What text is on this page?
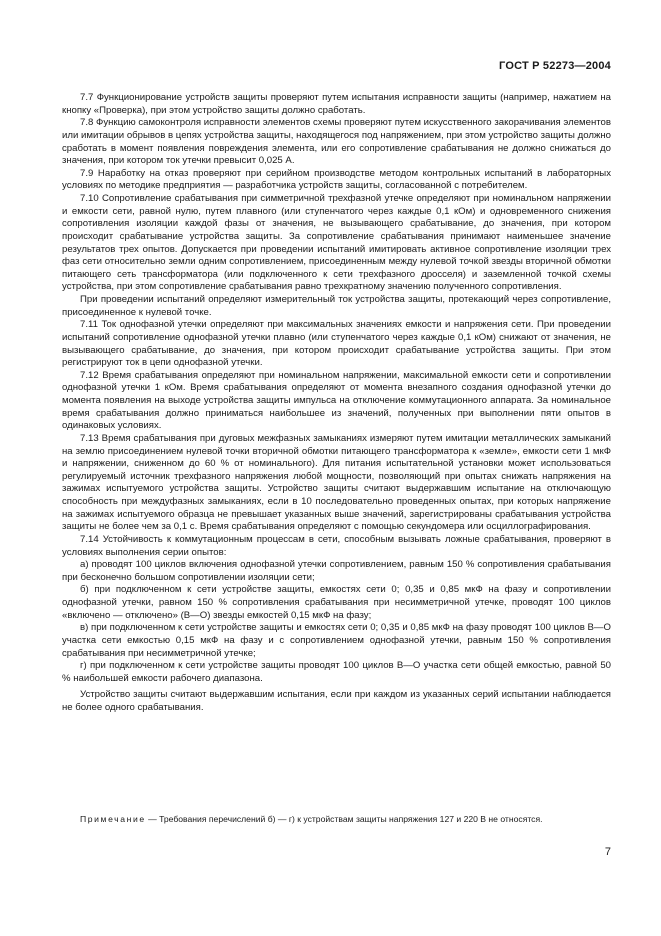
ГОСТ Р 52273—2004

7.7 Функционирование устройств защиты проверяют путем испытания исправности защиты (например, нажатием на кнопку «Проверка), при этом устройство защиты должно сработать.

7.8 Функцию самоконтроля исправности элементов схемы проверяют путем искусственного закорачивания элементов или имитации обрывов в цепях устройства защиты, находящегося под напряжением, при этом устройство защиты должно сработать в момент появления повреждения элемента, или его сопротивление срабатывания не должно снижаться до значения, при котором ток утечки превысит 0,025 А.

7.9 Наработку на отказ проверяют при серийном производстве методом контрольных испытаний в лабораторных условиях по методике предприятия — разработчика устройств защиты, согласованной с потребителем.

7.10 Сопротивление срабатывания при симметричной трехфазной утечке определяют при номинальном напряжении и емкости сети, равной нулю, путем плавного (или ступенчатого через каждые 0,1 кОм) и одновременного снижения сопротивления изоляции каждой фазы от значения, не вызывающего срабатывание, до значения, при котором происходит срабатывание устройства защиты. За сопротивление срабатывания принимают наименьшее значение результатов трех опытов. Допускается при проведении испытаний имитировать активное сопротивление изоляции трех фаз сети относительно земли одним сопротивлением, присоединенным между нулевой точкой звезды вторичной обмотки питающего сеть трансформатора (или подключенного к сети трехфазного дросселя) и заземленной точкой схемы устройства, при этом сопротивление срабатывания равно трехкратному значению полученного сопротивления.

При проведении испытаний определяют измерительный ток устройства защиты, протекающий через сопротивление, присоединенное к нулевой точке.

7.11 Ток однофазной утечки определяют при максимальных значениях емкости и напряжения сети. При проведении испытаний сопротивление однофазной утечки плавно (или ступенчатого через каждые 0,1 кОм) снижают от значения, не вызывающего срабатывание, до значения, при котором происходит срабатывание устройства защиты. При этом регистрируют ток в цепи однофазной утечки.

7.12 Время срабатывания определяют при номинальном напряжении, максимальной емкости сети и сопротивлении однофазной утечки 1 кОм. Время срабатывания определяют от момента внезапного создания однофазной утечки до момента появления на выходе устройства защиты импульса на отключение коммутационного аппарата. За номинальное время срабатывания должно приниматься наибольшее из значений, полученных при выполнении пяти опытов в одинаковых условиях.

7.13 Время срабатывания при дуговых межфазных замыканиях измеряют путем имитации металлических замыканий на землю присоединением нулевой точки вторичной обмотки питающего трансформатора к «земле», емкости сети 1 мкФ и напряжении, сниженном до 60 % от номинального). Для питания испытательной установки может использоваться регулируемый источник трехфазного напряжения любой мощности, позволяющий при опытах снижать напряжения на зажимах испытуемого устройства защиты. Устройство защиты считают выдержавшим испытание на отключающую способность при междуфазных замыканиях, если в 10 последовательно проведенных опытах, при которых напряжение на зажимах испытуемого образца не превышает указанных выше значений, зарегистрированы срабатывания устройства защиты не более чем за 0,1 с. Время срабатывания определяют с помощью секундомера или осциллографирования.

7.14 Устойчивость к коммутационным процессам в сети, способным вызывать ложные срабатывания, проверяют в условиях выполнения серии опытов:

а) проводят 100 циклов включения однофазной утечки сопротивлением, равным 150 % сопротивления срабатывания при бесконечно большом сопротивлении изоляции сети;

б) при подключенном к сети устройстве защиты, емкостях сети 0; 0,35 и 0,85 мкФ на фазу и сопротивлении однофазной утечки, равном 150 % сопротивления срабатывания при несимметричной утечке, проводят 100 циклов «включено — отключено» (В—О) звезды емкостей 0,15 мкФ на фазу;

в) при подключенном к сети устройстве защиты и емкостях сети 0; 0,35 и 0,85 мкФ на фазу проводят 100 циклов В—О участка сети емкостью 0,15 мкФ на фазу и с сопротивлением однофазной утечки, равным 150 % сопротивления срабатывания при несимметричной утечке;

г) при подключенном к сети устройстве защиты проводят 100 циклов В—О участка сети общей емкостью, равной 50 % наибольшей емкости рабочего диапазона.

Устройство защиты считают выдержавшим испытания, если при каждом из указанных серий испытании наблюдается не более одного срабатывания.

Примечание — Требования перечислений б) — г) к устройствам защиты напряжения 127 и 220 В не относятся.
7
